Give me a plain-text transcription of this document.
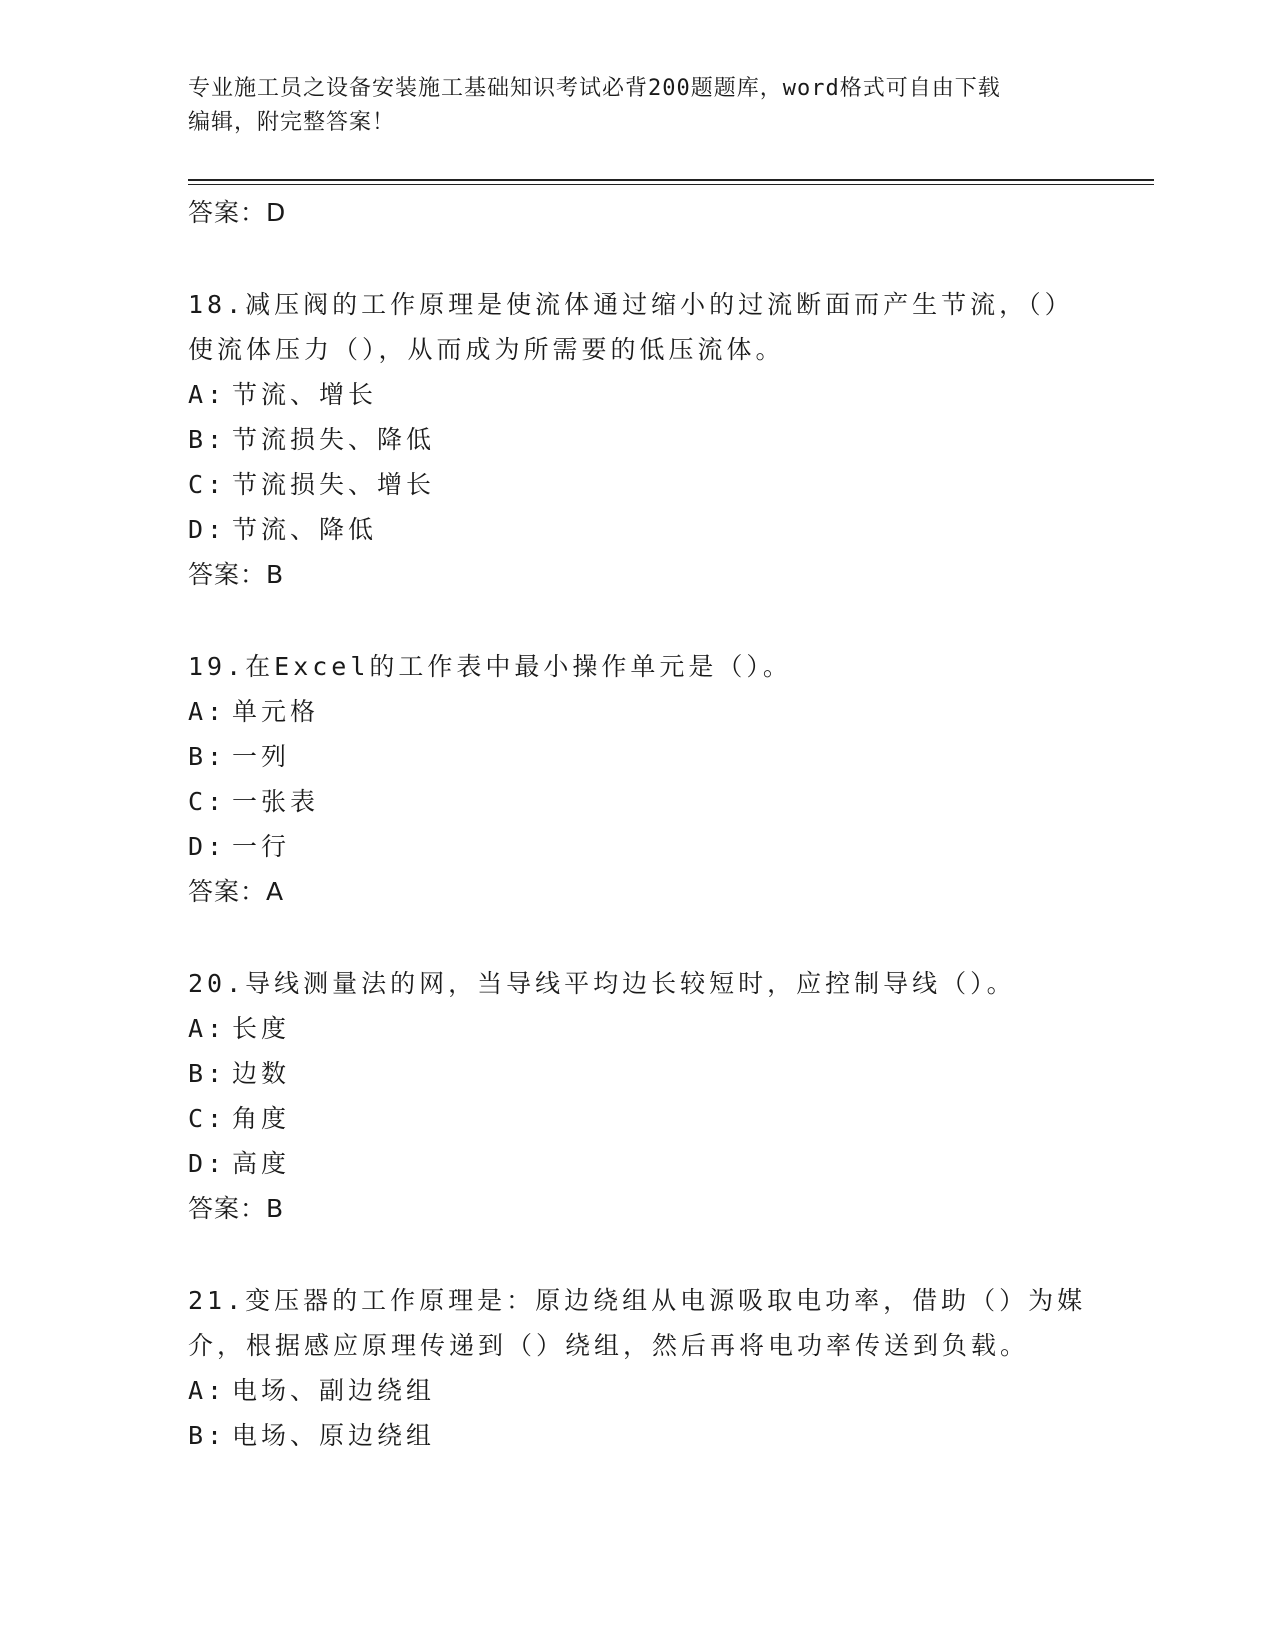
专业施工员之设备安装施工基础知识考试必背200题题库，word格式可自由下载
编辑，附完整答案！
答案：D
18.减压阀的工作原理是使流体通过缩小的过流断面而产生节流，（）使流体压力（），从而成为所需要的低压流体。
A: 节流、增长
B: 节流损失、降低
C: 节流损失、增长
D: 节流、降低
答案：B
19.在Excel的工作表中最小操作单元是（）。
A: 单元格
B: 一列
C: 一张表
D: 一行
答案：A
20.导线测量法的网，当导线平均边长较短时，应控制导线（）。
A: 长度
B: 边数
C: 角度
D: 高度
答案：B
21.变压器的工作原理是：原边绕组从电源吸取电功率，借助（）为媒介，根据感应原理传递到（）绕组，然后再将电功率传送到负载。
A: 电场、副边绕组
B: 电场、原边绕组
